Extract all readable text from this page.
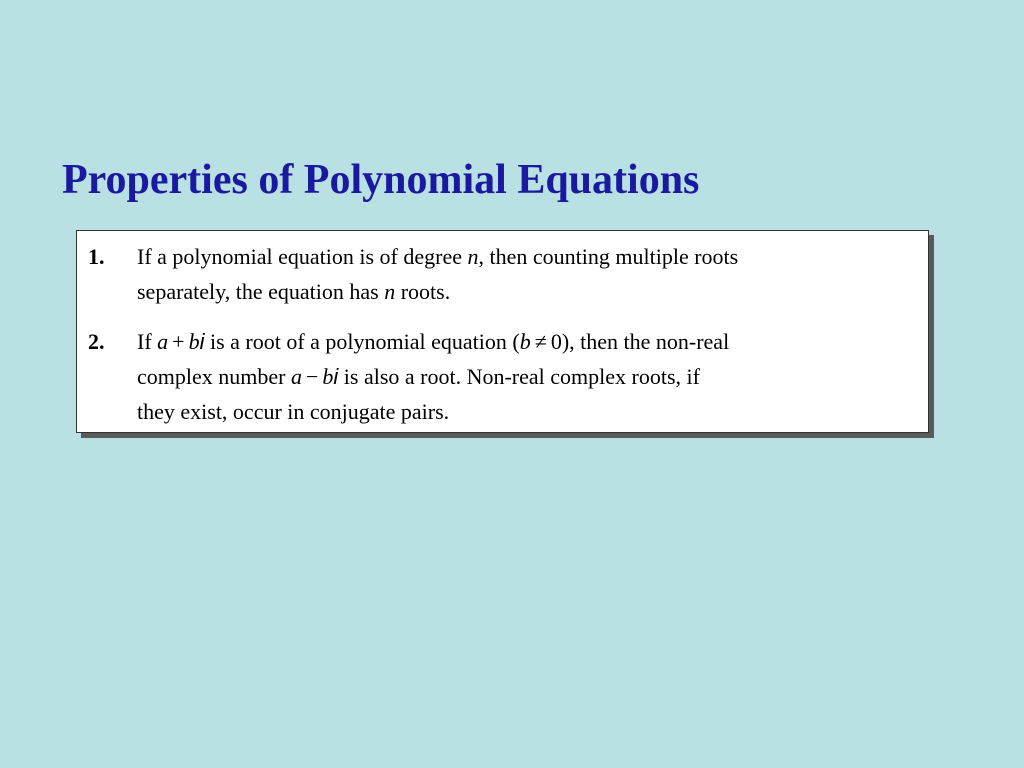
Properties of Polynomial Equations
1.	If a polynomial equation is of degree n, then counting multiple roots
separately, the equation has n roots.
2.	If a + bi is a root of a polynomial equation (b ≠ 0), then the non-real
complex number a − bi is also a root. Non-real complex roots, if
they exist, occur in conjugate pairs.
